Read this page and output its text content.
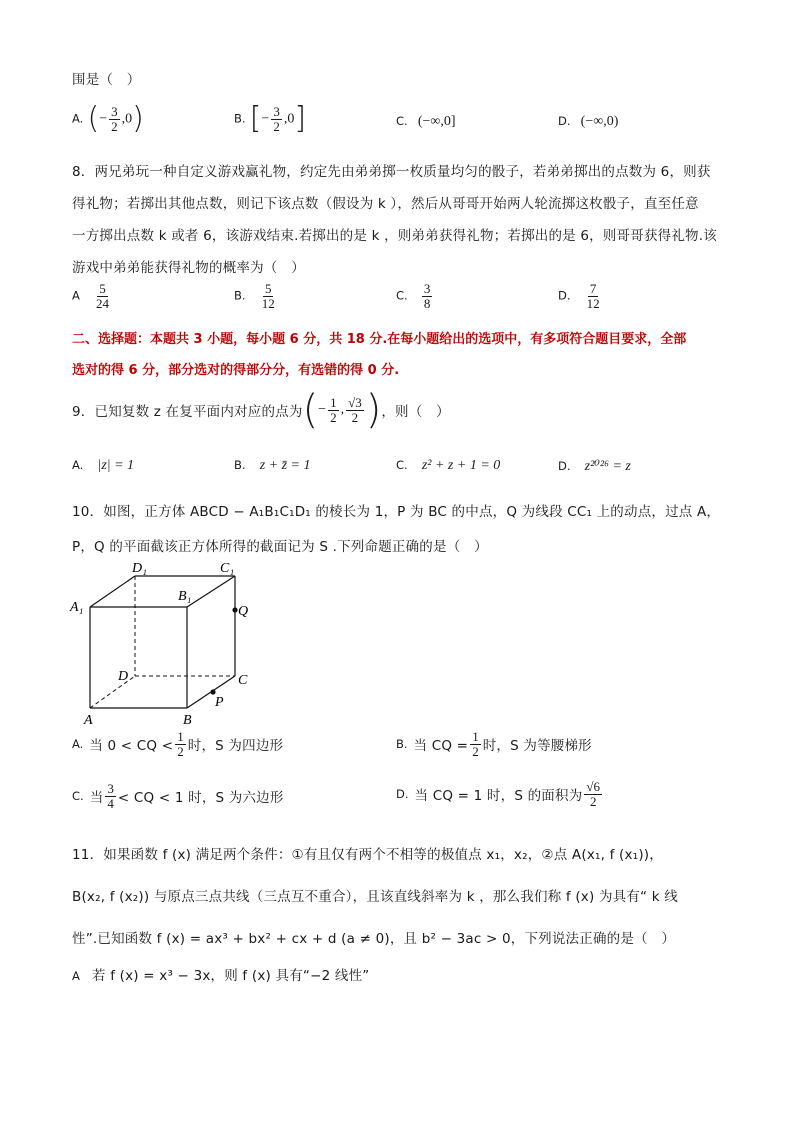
围是（　）
A. (− $\frac{3}{2} ,0$)	B. [− $\frac{3}{2} ,0$]	C. (−∞,0]	D. (−∞,0)
8．两兄弟玩一种自定义游戏赢礼物，约定先由弟弟掷一枚质量均匀的骰子，若弟弟掷出的点数为 6，则获
得礼物；若掷出其他点数，则记下该点数（假设为 k ），然后从哥哥开始两人轮流掷这枚骰子，直至任意
一方掷出点数 k 或者 6，该游戏结束.若掷出的是 k ，则弟弟获得礼物；若掷出的是 6，则哥哥获得礼物.该
游戏中弟弟能获得礼物的概率为（　）
A $\frac{5}{24}$	B. $\frac{5}{12}$	C. $\frac{3}{8}$	D. $\frac{7}{12}$
二、选择题：本题共 3 小题，每小题 6 分，共 18 分.在每小题给出的选项中，有多项符合题目要求，全部
选对的得 6 分，部分选对的得部分分，有选错的得 0 分.
9．已知复数 z 在复平面内对应的点为 ( − $\frac{1}{2}$ , $\frac{√3}{2}$ ) ，则（　）
A. |z| = 1	B. z + z̄ = 1	C. z² + z + 1 = 0	D. z²⁰²⁶ = z
10．如图，正方体 ABCD − A₁B₁C₁D₁ 的棱长为 1，P 为 BC 的中点，Q 为线段 CC₁ 上的动点，过点 A，
P，Q 的平面截该正方体所得的截面记为 S .下列命题正确的是（　）
A₁
B₁
D₁	C₁
Q
D	C
P
A	B
A. 当 0 < CQ < $\frac{1}{2}$ 时，S 为四边形	B. 当 CQ = $\frac{1}{2}$ 时，S 为等腰梯形
C. 当 $\frac{3}{4}$ < CQ < 1 时，S 为六边形	D. 当 CQ = 1 时，S 的面积为 $\frac{√6}{2}$
11．如果函数 f (x) 满足两个条件：①有且仅有两个不相等的极值点 x₁，x₂，②点 A(x₁, f (x₁))，
B(x₂, f (x₂)) 与原点三点共线（三点互不重合），且该直线斜率为 k ，那么我们称 f (x) 为具有“ k 线
性”.已知函数 f (x) = ax³ + bx² + cx + d (a ≠ 0)，且 b² − 3ac > 0，下列说法正确的是（　）
A 若 f (x) = x³ − 3x，则 f (x) 具有“−2 线性”
